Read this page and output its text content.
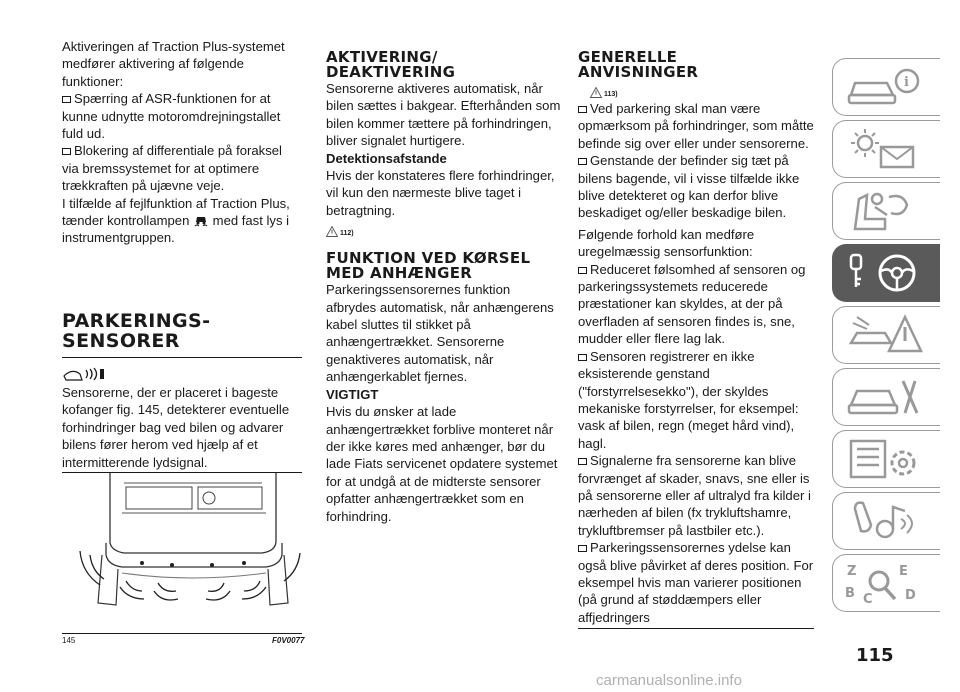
Aktiveringen af Traction Plus-systemet medfører aktivering af følgende funktioner:

Spærring af ASR-funktionen for at kunne udnytte motoromdrejningstallet fuld ud.

Blokering af differentiale på foraksel via bremssystemet for at optimere trækkraften på ujævne veje.

I tilfælde af fejlfunktion af Traction Plus, tænder kontrollampen med fast lys i instrumentgruppen.

PARKERINGS-
SENSORER

Sensorerne, der er placeret i bageste kofanger fig. 145, detekterer eventuelle forhindringer bag ved bilen og advarer bilens fører herom ved hjælp af et intermitterende lydsignal.

145	F0V0077

AKTIVERING/
DEAKTIVERING

Sensorerne aktiveres automatisk, når bilen sættes i bakgear. Efterhånden som bilen kommer tættere på forhindringen, bliver signalet hurtigere.

Detektionsafstande

Hvis der konstateres flere forhindringer, vil kun den nærmeste blive taget i betragtning.

112)

FUNKTION VED KØRSEL
MED ANHÆNGER

Parkeringssensorernes funktion afbrydes automatisk, når anhængerens kabel sluttes til stikket på anhængertrækket. Sensorerne genaktiveres automatisk, når anhængerkablet fjernes.

VIGTIGT

Hvis du ønsker at lade anhængertrækket forblive monteret når der ikke køres med anhænger, bør du lade Fiats servicenet opdatere systemet for at undgå at de midterste sensorer opfatter anhængertrækket som en forhindring.

GENERELLE
ANVISNINGER

113)

Ved parkering skal man være opmærksom på forhindringer, som måtte befinde sig over eller under sensorerne.

Genstande der befinder sig tæt på bilens bagende, vil i visse tilfælde ikke blive detekteret og kan derfor blive beskadiget og/eller beskadige bilen.

Følgende forhold kan medføre uregelmæssig sensorfunktion:

Reduceret følsomhed af sensoren og parkeringssystemets reducerede præstationer kan skyldes, at der på overfladen af sensoren findes is, sne, mudder eller flere lag lak.

Sensoren registrerer en ikke eksisterende genstand ("forstyrrelsesekko"), der skyldes mekaniske forstyrrelser, for eksempel: vask af bilen, regn (meget hård vind), hagl.

Signalerne fra sensorerne kan blive forvrænget af skader, snavs, sne eller is på sensorerne eller af ultralyd fra kilder i nærheden af bilen (fx trykluftshamre, trykluftbremser på lastbiler etc.).

Parkeringssensorernes ydelse kan også blive påvirket af deres position. For eksempel hvis man varierer positionen (på grund af støddæmpers eller affjedringers

i
Z	E
B C D
115
carmanualsonline.info
